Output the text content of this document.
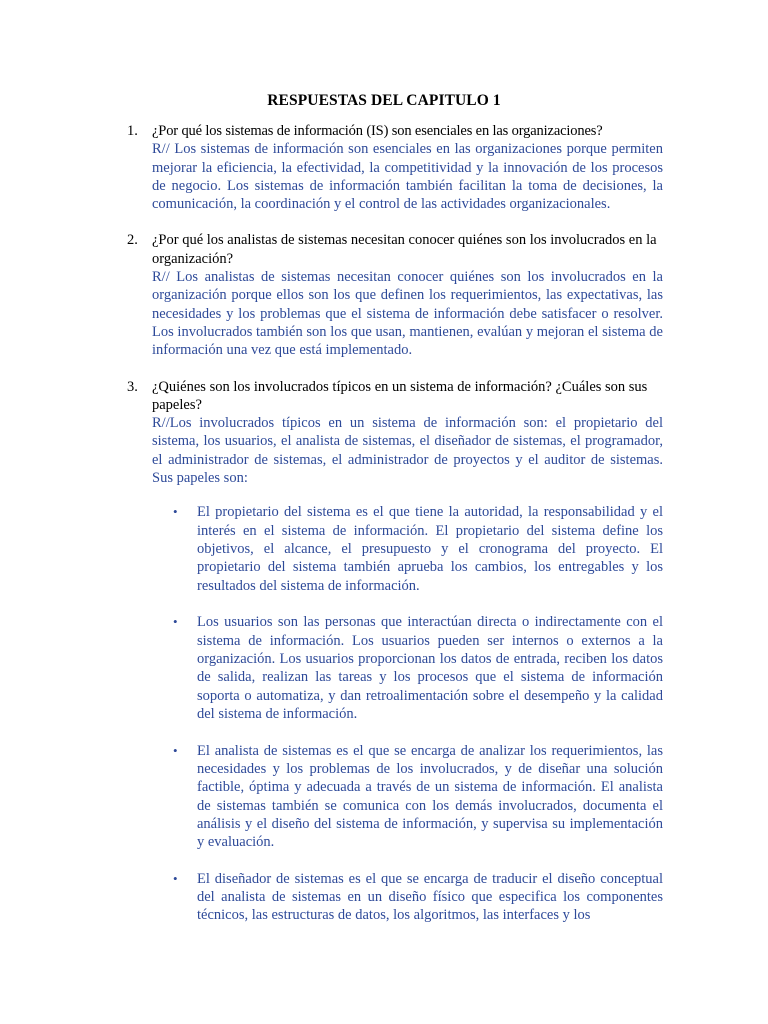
RESPUESTAS DEL CAPITULO 1
1. ¿Por qué los sistemas de información (IS) son esenciales en las organizaciones?
R// Los sistemas de información son esenciales en las organizaciones porque permiten mejorar la eficiencia, la efectividad, la competitividad y la innovación de los procesos de negocio. Los sistemas de información también facilitan la toma de decisiones, la comunicación, la coordinación y el control de las actividades organizacionales.
2. ¿Por qué los analistas de sistemas necesitan conocer quiénes son los involucrados en la organización?
R// Los analistas de sistemas necesitan conocer quiénes son los involucrados en la organización porque ellos son los que definen los requerimientos, las expectativas, las necesidades y los problemas que el sistema de información debe satisfacer o resolver. Los involucrados también son los que usan, mantienen, evalúan y mejoran el sistema de información una vez que está implementado.
3. ¿Quiénes son los involucrados típicos en un sistema de información? ¿Cuáles son sus papeles?
R//Los involucrados típicos en un sistema de información son: el propietario del sistema, los usuarios, el analista de sistemas, el diseñador de sistemas, el programador, el administrador de sistemas, el administrador de proyectos y el auditor de sistemas. Sus papeles son:
• El propietario del sistema es el que tiene la autoridad, la responsabilidad y el interés en el sistema de información. El propietario del sistema define los objetivos, el alcance, el presupuesto y el cronograma del proyecto. El propietario del sistema también aprueba los cambios, los entregables y los resultados del sistema de información.
• Los usuarios son las personas que interactúan directa o indirectamente con el sistema de información. Los usuarios pueden ser internos o externos a la organización. Los usuarios proporcionan los datos de entrada, reciben los datos de salida, realizan las tareas y los procesos que el sistema de información soporta o automatiza, y dan retroalimentación sobre el desempeño y la calidad del sistema de información.
• El analista de sistemas es el que se encarga de analizar los requerimientos, las necesidades y los problemas de los involucrados, y de diseñar una solución factible, óptima y adecuada a través de un sistema de información. El analista de sistemas también se comunica con los demás involucrados, documenta el análisis y el diseño del sistema de información, y supervisa su implementación y evaluación.
• El diseñador de sistemas es el que se encarga de traducir el diseño conceptual del analista de sistemas en un diseño físico que especifica los componentes técnicos, las estructuras de datos, los algoritmos, las interfaces y los
